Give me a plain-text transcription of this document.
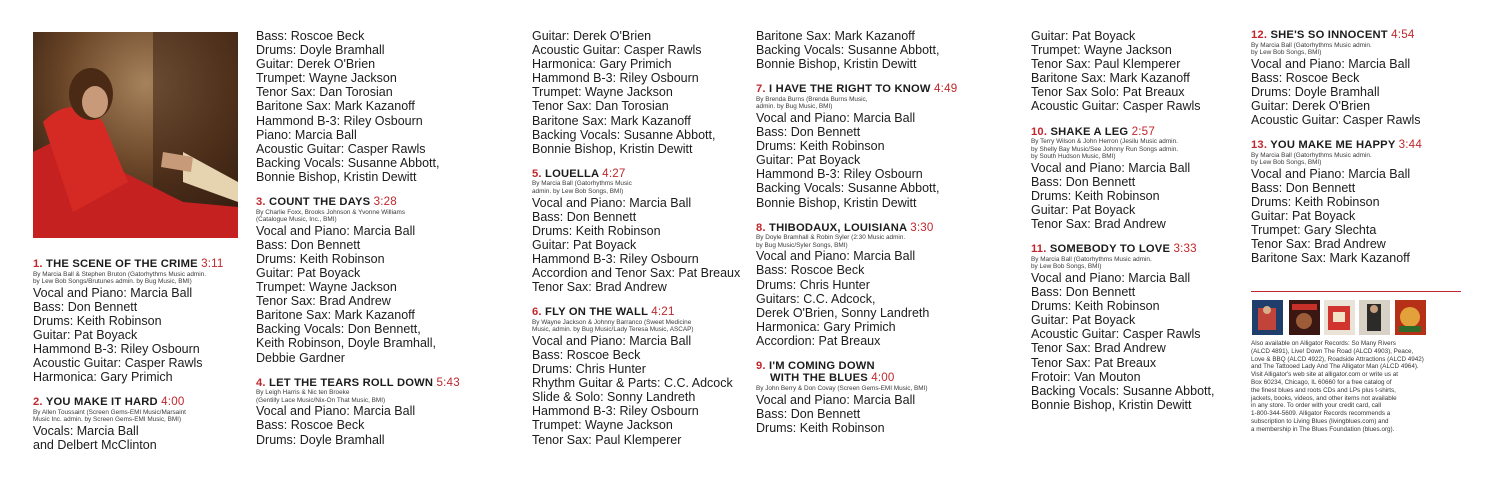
1. THE SCENE OF THE CRIME 3:11
By Marcia Ball & Stephen Bruton (Gatorhythms Music admin.
by Lew Bob Songs/Brutunes admin. by Bug Music, BMI)
Vocal and Piano: Marcia Ball
Bass: Don Bennett
Drums: Keith Robinson
Guitar: Pat Boyack
Hammond B-3: Riley Osbourn
Acoustic Guitar: Casper Rawls
Harmonica: Gary Primich
2. YOU MAKE IT HARD 4:00
By Allen Toussaint (Screen Gems-EMI Music/Marsaint
Music Inc. admin. by Screen Gems-EMI Music, BMI)
Vocals: Marcia Ball
and Delbert McClinton
Bass: Roscoe Beck
Drums: Doyle Bramhall
Guitar: Derek O'Brien
Trumpet: Wayne Jackson
Tenor Sax: Dan Torosian
Baritone Sax: Mark Kazanoff
Hammond B-3: Riley Osbourn
Piano: Marcia Ball
Acoustic Guitar: Casper Rawls
Backing Vocals: Susanne Abbott,
Bonnie Bishop, Kristin Dewitt
3. COUNT THE DAYS 3:28
By Charlie Foxx, Brooks Johnson & Yvonne Williams
(Catalogue Music, Inc., BMI)
Vocal and Piano: Marcia Ball
Bass: Don Bennett
Drums: Keith Robinson
Guitar: Pat Boyack
Trumpet: Wayne Jackson
Tenor Sax: Brad Andrew
Baritone Sax: Mark Kazanoff
Backing Vocals: Don Bennett,
Keith Robinson, Doyle Bramhall,
Debbie Gardner
4. LET THE TEARS ROLL DOWN 5:43
By Leigh Harris & Nic ten Broeke
(Gentilly Lace Music/Nix-On That Music, BMI)
Vocal and Piano: Marcia Ball
Bass: Roscoe Beck
Drums: Doyle Bramhall
Guitar: Derek O'Brien
Acoustic Guitar: Casper Rawls
Harmonica: Gary Primich
Hammond B-3: Riley Osbourn
Trumpet: Wayne Jackson
Tenor Sax: Dan Torosian
Baritone Sax: Mark Kazanoff
Backing Vocals: Susanne Abbott,
Bonnie Bishop, Kristin Dewitt
5. LOUELLA 4:27
By Marcia Ball (Gatorhythms Music
admin. by Lew Bob Songs, BMI)
Vocal and Piano: Marcia Ball
Bass: Don Bennett
Drums: Keith Robinson
Guitar: Pat Boyack
Hammond B-3: Riley Osbourn
Accordion and Tenor Sax: Pat Breaux
Tenor Sax: Brad Andrew
6. FLY ON THE WALL 4:21
By Wayne Jackson & Johnny Barranco (Sweet Medicine
Music, admin. by Bug Music/Lady Teresa Music, ASCAP)
Vocal and Piano: Marcia Ball
Bass: Roscoe Beck
Drums: Chris Hunter
Rhythm Guitar & Parts: C.C. Adcock
Slide & Solo: Sonny Landreth
Hammond B-3: Riley Osbourn
Trumpet: Wayne Jackson
Tenor Sax: Paul Klemperer
Baritone Sax: Mark Kazanoff
Backing Vocals: Susanne Abbott,
Bonnie Bishop, Kristin Dewitt
7. I HAVE THE RIGHT TO KNOW 4:49
By Brenda Burns (Brenda Burns Music,
admin. by Bug Music, BMI)
Vocal and Piano: Marcia Ball
Bass: Don Bennett
Drums: Keith Robinson
Guitar: Pat Boyack
Hammond B-3: Riley Osbourn
Backing Vocals: Susanne Abbott,
Bonnie Bishop, Kristin Dewitt
8. THIBODAUX, LOUISIANA 3:30
By Doyle Bramhall & Robin Syler (2:30 Music admin.
by Bug Music/Syler Songs, BMI)
Vocal and Piano: Marcia Ball
Bass: Roscoe Beck
Drums: Chris Hunter
Guitars: C.C. Adcock,
Derek O'Brien, Sonny Landreth
Harmonica: Gary Primich
Accordion: Pat Breaux
9. I'M COMING DOWN
WITH THE BLUES 4:00
By John Berry & Don Covay (Screen Gems-EMI Music, BMI)
Vocal and Piano: Marcia Ball
Bass: Don Bennett
Drums: Keith Robinson
Guitar: Pat Boyack
Trumpet: Wayne Jackson
Tenor Sax: Paul Klemperer
Baritone Sax: Mark Kazanoff
Tenor Sax Solo: Pat Breaux
Acoustic Guitar: Casper Rawls
10. SHAKE A LEG 2:57
By Terry Wilson & John Herron (Jesilu Music admin.
by Shelly Bay Music/See Johnny Run Songs admin.
by South Hudson Music, BMI)
Vocal and Piano: Marcia Ball
Bass: Don Bennett
Drums: Keith Robinson
Guitar: Pat Boyack
Tenor Sax: Brad Andrew
11. SOMEBODY TO LOVE 3:33
By Marcia Ball (Gatorhythms Music admin.
by Lew Bob Songs, BMI)
Vocal and Piano: Marcia Ball
Bass: Don Bennett
Drums: Keith Robinson
Guitar: Pat Boyack
Acoustic Guitar: Casper Rawls
Tenor Sax: Brad Andrew
Tenor Sax: Pat Breaux
Frotoir: Van Mouton
Backing Vocals: Susanne Abbott,
Bonnie Bishop, Kristin Dewitt
12. SHE'S SO INNOCENT 4:54
By Marcia Ball (Gatorhythms Music admin.
by Lew Bob Songs, BMI)
Vocal and Piano: Marcia Ball
Bass: Roscoe Beck
Drums: Doyle Bramhall
Guitar: Derek O'Brien
Acoustic Guitar: Casper Rawls
13. YOU MAKE ME HAPPY 3:44
By Marcia Ball (Gatorhythms Music admin.
by Lew Bob Songs, BMI)
Vocal and Piano: Marcia Ball
Bass: Don Bennett
Drums: Keith Robinson
Guitar: Pat Boyack
Trumpet: Gary Slechta
Tenor Sax: Brad Andrew
Baritone Sax: Mark Kazanoff
Also available on Alligator Records: So Many Rivers
(ALCD 4891), Live! Down The Road (ALCD 4903), Peace,
Love & BBQ (ALCD 4922), Roadside Attractions (ALCD 4942)
and The Tattooed Lady And The Alligator Man (ALCD 4964).
Visit Alligator's web site at alligator.com or write us at
Box 60234, Chicago, IL 60660 for a free catalog of
the finest blues and roots CDs and LPs plus t-shirts,
jackets, books, videos, and other items not available
in any store. To order with your credit card, call
1-800-344-5609. Alligator Records recommends a
subscription to Living Blues (livingblues.com) and
a membership in The Blues Foundation (blues.org).
